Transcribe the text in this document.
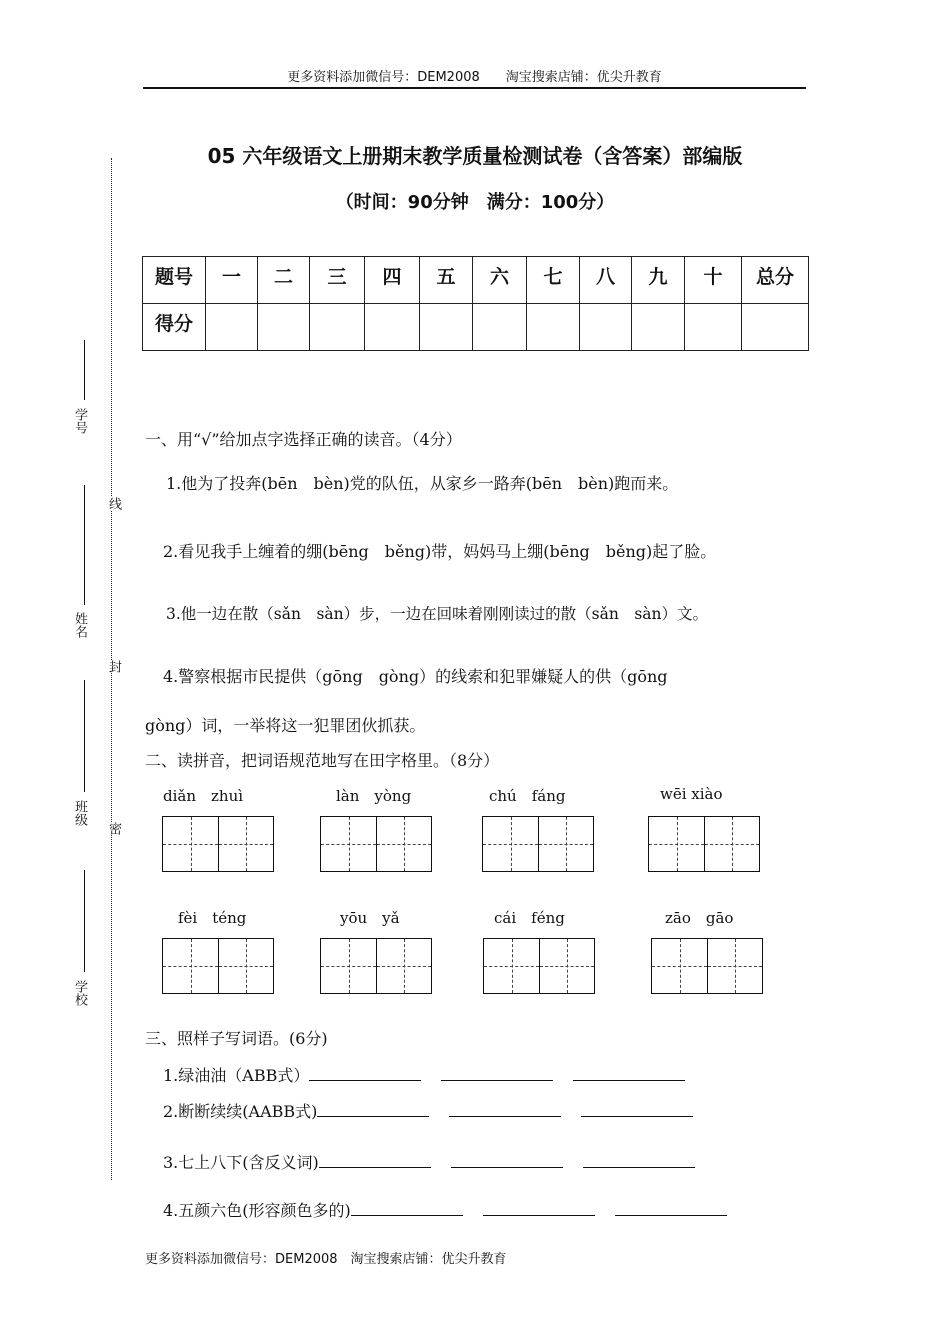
更多资料添加微信号：DEM2008　　淘宝搜索店铺：优尖升教育
学号
线
姓名
封
班级
密
学校
05 六年级语文上册期末教学质量检测试卷（含答案）部编版
（时间：90分钟　满分：100分）
题号	一	二	三	四	五	六	七	八	九	十	总分
得分											
一、用“√”给加点字选择正确的读音。（4分）
1.他为了投奔(bēn　bèn)党的队伍，从家乡一路奔(bēn　bèn)跑而来。
2.看见我手上缠着的绷(bēng　běng)带，妈妈马上绷(bēng　běng)起了脸。
3.他一边在散（sǎn　sàn）步，一边在回味着刚刚读过的散（sǎn　sàn）文。
4.警察根据市民提供（gōng　gòng）的线索和犯罪嫌疑人的供（gōng
gòng）词，一举将这一犯罪团伙抓获。
二、读拼音，把词语规范地写在田字格里。（8分）
diǎn　zhuì	làn　yòng	chú　fáng	wēi xiào
fèi　téng	yōu　yǎ	cái　féng	zāo　gāo
三、照样子写词语。(6分)
1.绿油油（ABB式）
2.断断续续(AABB式)
3.七上八下(含反义词)
4.五颜六色(形容颜色多的)
更多资料添加微信号：DEM2008　淘宝搜索店铺：优尖升教育
